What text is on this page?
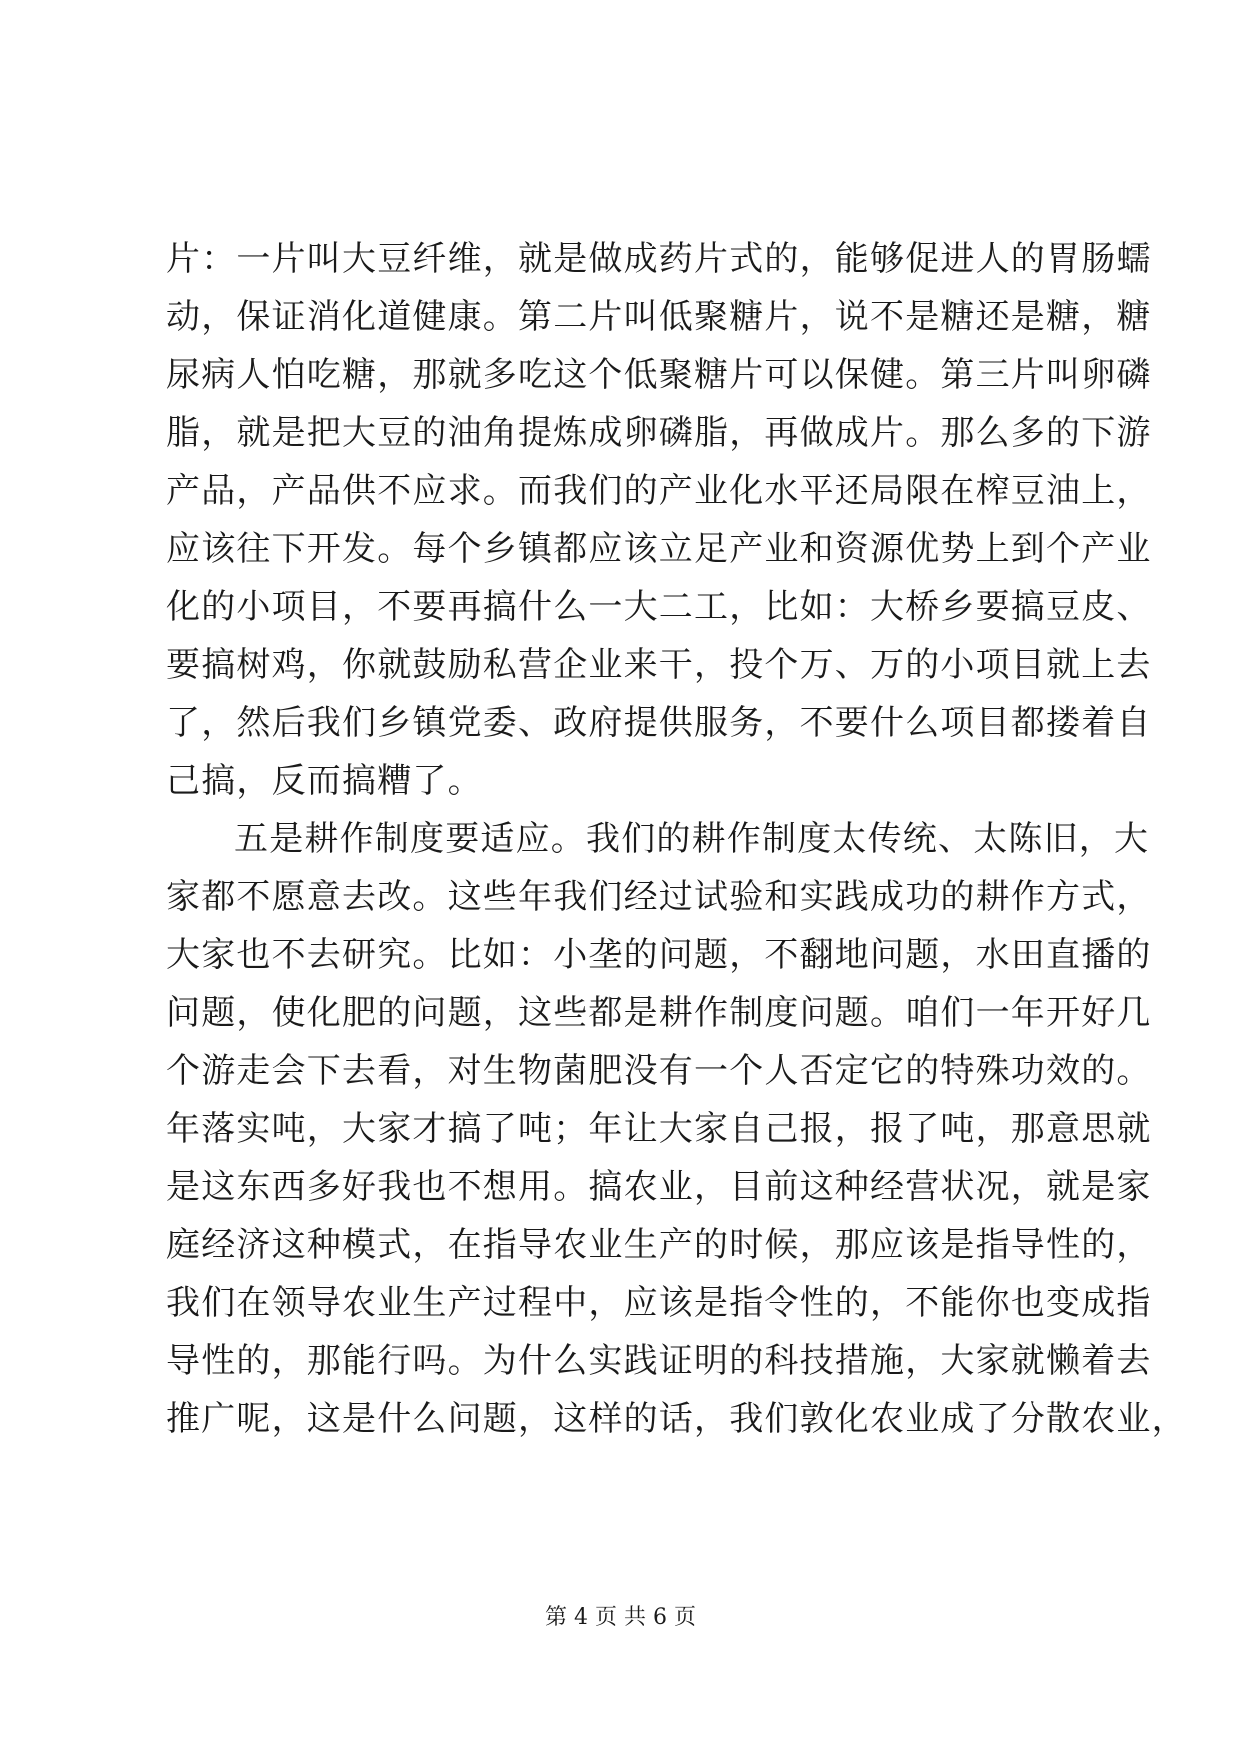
片：一片叫大豆纤维，就是做成药片式的，能够促进人的胃肠蠕
动，保证消化道健康。第二片叫低聚糖片，说不是糖还是糖，糖
尿病人怕吃糖，那就多吃这个低聚糖片可以保健。第三片叫卵磷
脂，就是把大豆的油角提炼成卵磷脂，再做成片。那么多的下游
产品，产品供不应求。而我们的产业化水平还局限在榨豆油上，
应该往下开发。每个乡镇都应该立足产业和资源优势上到个产业
化的小项目，不要再搞什么一大二工，比如：大桥乡要搞豆皮、
要搞树鸡，你就鼓励私营企业来干，投个万、万的小项目就上去
了，然后我们乡镇党委、政府提供服务，不要什么项目都搂着自
己搞，反而搞糟了。
五是耕作制度要适应。我们的耕作制度太传统、太陈旧，大
家都不愿意去改。这些年我们经过试验和实践成功的耕作方式，
大家也不去研究。比如：小垄的问题，不翻地问题，水田直播的
问题，使化肥的问题，这些都是耕作制度问题。咱们一年开好几
个游走会下去看，对生物菌肥没有一个人否定它的特殊功效的。
年落实吨，大家才搞了吨；年让大家自己报，报了吨，那意思就
是这东西多好我也不想用。搞农业，目前这种经营状况，就是家
庭经济这种模式，在指导农业生产的时候，那应该是指导性的，
我们在领导农业生产过程中，应该是指令性的，不能你也变成指
导性的，那能行吗。为什么实践证明的科技措施，大家就懒着去
推广呢，这是什么问题，这样的话，我们敦化农业成了分散农业，
第 4 页 共 6 页
